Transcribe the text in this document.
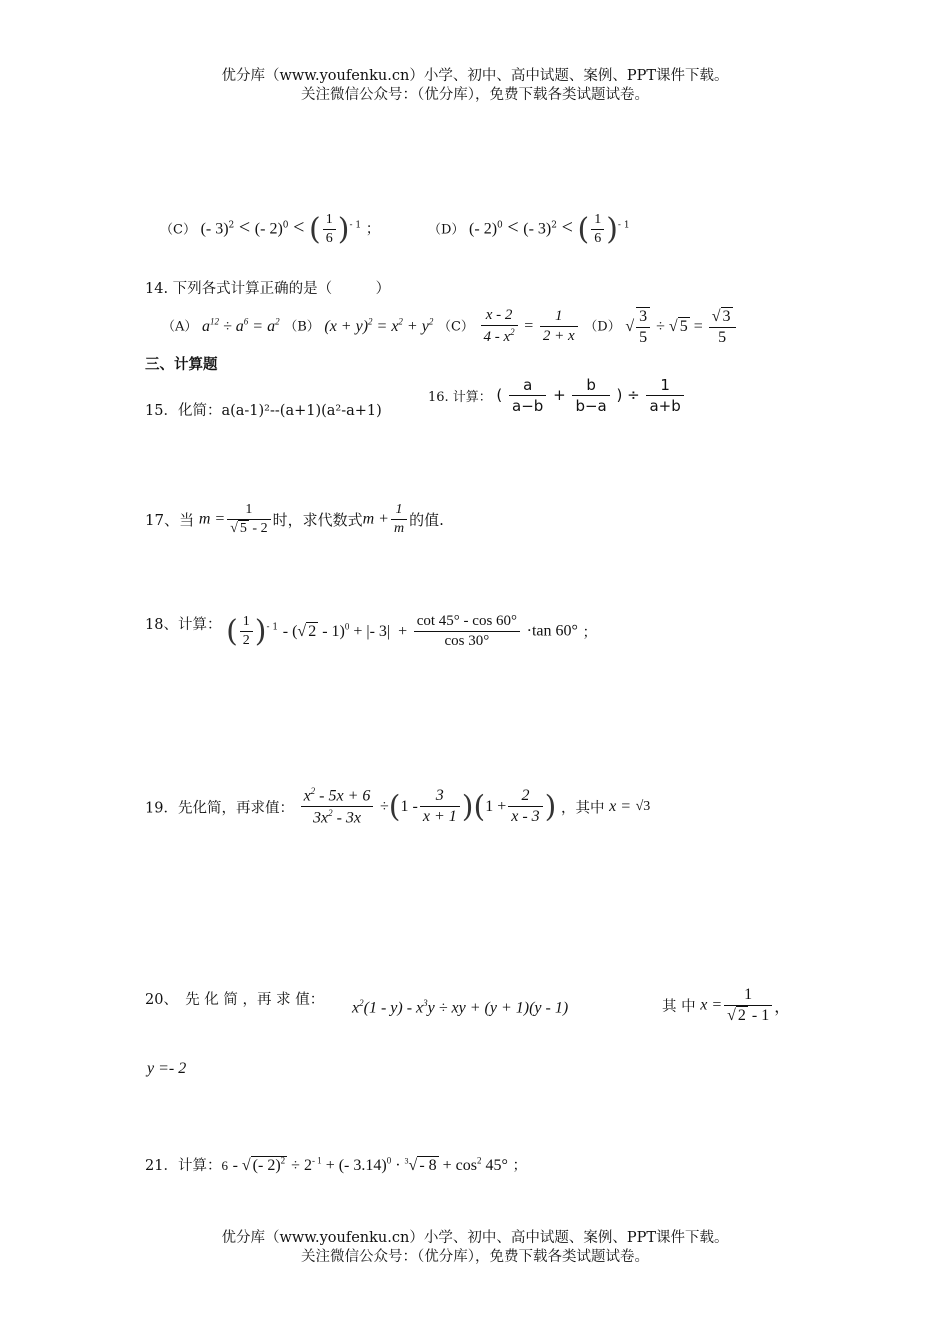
优分库（www.youfenku.cn）小学、初中、高中试题、案例、PPT课件下载。
关注微信公众号：（优分库），免费下载各类试题试卷。
（C） (- 3)$^2$ < (- 2)$^0$ < ( $\frac{1}{6} )^{- 1}$ ；	（D） (- 2)$^0$ < (- 3)$^2$ < ( $\frac{1}{6} )^{- 1}$
14. 下列各式计算正确的是（　　　）
（A） $a^{12} \div a^6 = a^2$ （B） $(x + y)^2 = x^2 + y^2$ $(C) \frac{x - 2}{4 - x^2} = \frac{1}{2 + x} (D)$ √ $\frac{3}{5}$ ÷ √ $5 = \frac{√ 3}{5}$
三、计算题
15．化简：a(a-1)²--(a+1)(a²-a+1)
16. 计算： ( $\frac{a}{a-b} + \frac{b}{b-a}$ ) ÷ $\frac{1}{a+b}$
17、当 $m = \frac{1}{√ 5 - 2}$ 时，求代数式$m + \frac{1}{m}$ 的值.
18、计算： ( $\frac{1}{2} )^{- 1}$ - (√ 2 - 1)$^0$ + |- $3| + \frac{\cot 45^\circ - \cos 60^\circ}{\cos 30^\circ} \cdot\tan$ 60° ；
19．先化简，再求值： $\frac{x^2 - 5x + 6}{3x^2 - 3x} \div(1 - \frac{3}{x + 1} )(1 + \frac{2}{x - 3}$ ) ，其中 x = √3
20、　先 化 简 ，再 求 值： $x^2(1 - y) - x^3y$ ÷ xy + (y + 1)(y - 1)	其 中 $x = \frac{1}{√ 2 - 1}$ ，
y =- 2
21．计算：6 - √ (- $2)^2 \div 2^{- 1}$ + (- $3.14)^0 \cdot ^3√ - 8 + \cos^2 45^\circ$ ；
优分库（www.youfenku.cn）小学、初中、高中试题、案例、PPT课件下载。
关注微信公众号：（优分库），免费下载各类试题试卷。
